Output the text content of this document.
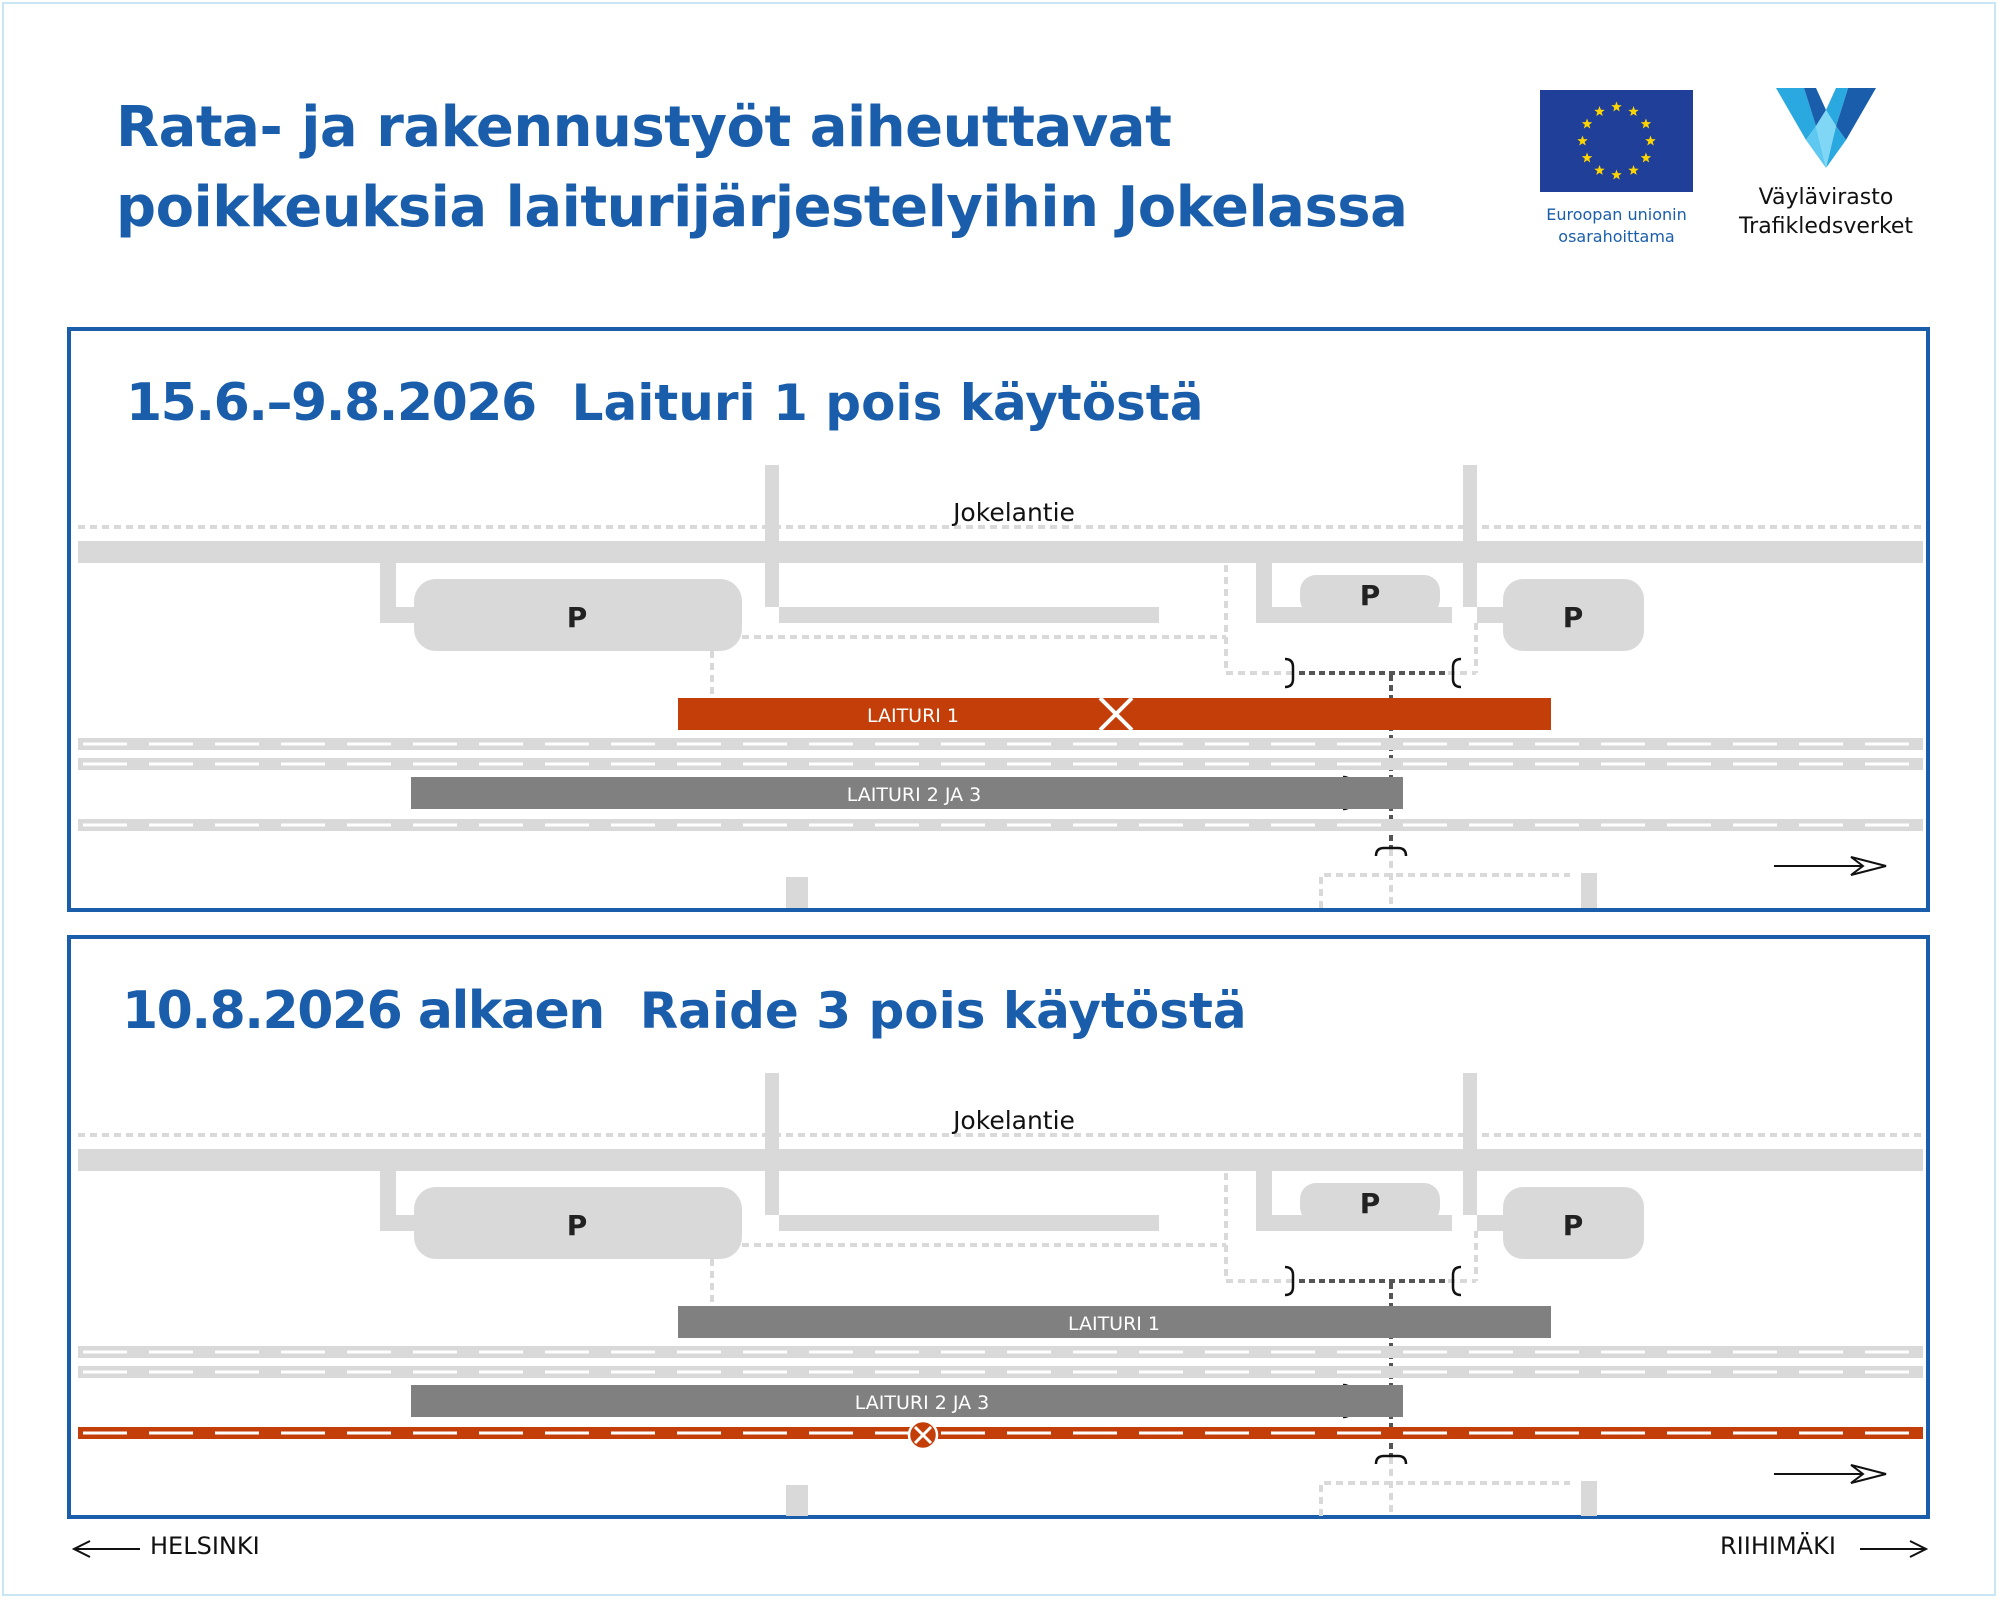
Rata- ja rakennustyöt aiheuttavat
poikkeuksia laiturijärjestelyihin Jokelassa	Euroopan unionin
osarahoittama
Väylävirasto
Trafikledsverket
Jokelantie
P
P
P
LAITURI 1
LAITURI 2 JA 3
15.6.–9.8.2026 Laituri 1 pois käytöstä
Jokelantie
P
P
P
LAITURI 1
LAITURI 2 JA 3
10.8.2026 alkaen Raide 3 pois käytöstä
HELSINKI	RIIHIMÄKI
